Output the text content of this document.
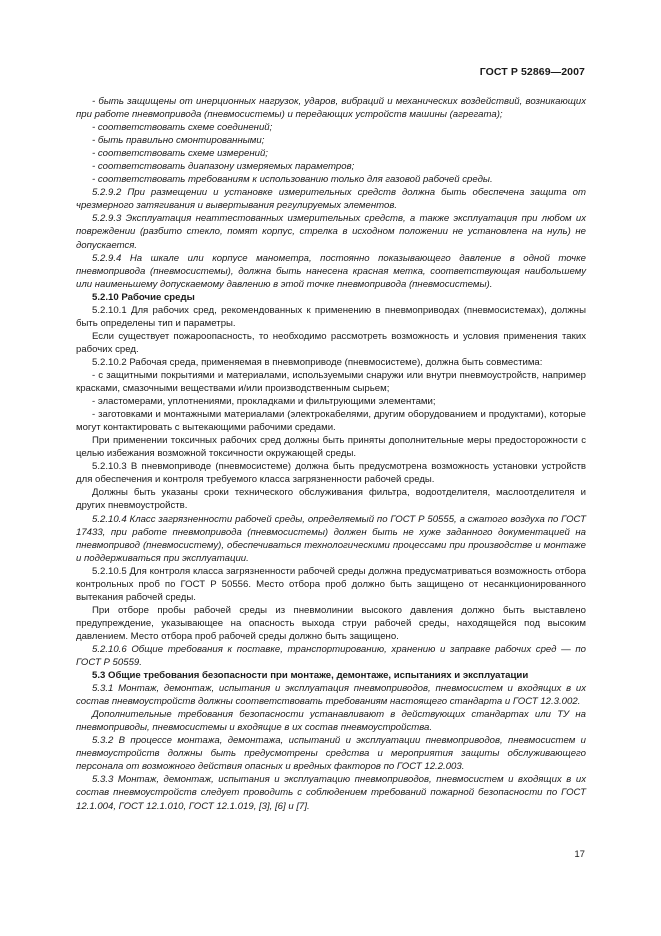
ГОСТ Р 52869—2007

- быть защищены от инерционных нагрузок, ударов, вибраций и механических воздействий, возникающих при работе пневмопривода (пневмосистемы) и передающих устройств машины (агрегата);

- соответствовать схеме соединений;

- быть правильно смонтированными;

- соответствовать схеме измерений;

- соответствовать диапазону измеряемых параметров;

- соответствовать требованиям к использованию только для газовой рабочей среды.

5.2.9.2 При размещении и установке измерительных средств должна быть обеспечена защита от чрезмерного затягивания и вывертывания регулируемых элементов.

5.2.9.3 Эксплуатация неаттестованных измерительных средств, а также эксплуатация при любом их повреждении (разбито стекло, помят корпус, стрелка в исходном положении не установлена на нуль) не допускается.

5.2.9.4 На шкале или корпусе манометра, постоянно показывающего давление в одной точке пневмопривода (пневмосистемы), должна быть нанесена красная метка, соответствующая наибольшему или наименьшему допускаемому давлению в этой точке пневмопривода (пневмосистемы).

5.2.10 Рабочие среды

5.2.10.1 Для рабочих сред, рекомендованных к применению в пневмоприводах (пневмосистемах), должны быть определены тип и параметры.

Если существует пожароопасность, то необходимо рассмотреть возможность и условия применения таких рабочих сред.

5.2.10.2 Рабочая среда, применяемая в пневмоприводе (пневмосистеме), должна быть совместима:

- с защитными покрытиями и материалами, используемыми снаружи или внутри пневмоустройств, например красками, смазочными веществами и/или производственным сырьем;

- эластомерами, уплотнениями, прокладками и фильтрующими элементами;

- заготовками и монтажными материалами (электрокабелями, другим оборудованием и продуктами), которые могут контактировать с вытекающими рабочими средами.

При применении токсичных рабочих сред должны быть приняты дополнительные меры предосторожности с целью избежания возможной токсичности окружающей среды.

5.2.10.3 В пневмоприводе (пневмосистеме) должна быть предусмотрена возможность установки устройств для обеспечения и контроля требуемого класса загрязненности рабочей среды.

Должны быть указаны сроки технического обслуживания фильтра, водоотделителя, маслоотделителя и других пневмоустройств.

5.2.10.4 Класс загрязненности рабочей среды, определяемый по ГОСТ Р 50555, а сжатого воздуха по ГОСТ 17433, при работе пневмопривода (пневмосистемы) должен быть не хуже заданного документацией на пневмопривод (пневмосистему), обеспечиваться технологическими процессами при производстве и монтаже и поддерживаться при эксплуатации.

5.2.10.5 Для контроля класса загрязненности рабочей среды должна предусматриваться возможность отбора контрольных проб по ГОСТ Р 50556. Место отбора проб должно быть защищено от несанкционированного вытекания рабочей среды.

При отборе пробы рабочей среды из пневмолинии высокого давления должно быть выставлено предупреждение, указывающее на опасность выхода струи рабочей среды, находящейся под высоким давлением. Место отбора проб рабочей среды должно быть защищено.

5.2.10.6 Общие требования к поставке, транспортированию, хранению и заправке рабочих сред — по ГОСТ Р 50559.

5.3 Общие требования безопасности при монтаже, демонтаже, испытаниях и эксплуатации

5.3.1 Монтаж, демонтаж, испытания и эксплуатация пневмоприводов, пневмосистем и входящих в их состав пневмоустройств должны соответствовать требованиям настоящего стандарта и ГОСТ 12.3.002.

Дополнительные требования безопасности устанавливают в действующих стандартах или ТУ на пневмоприводы, пневмосистемы и входящие в их состав пневмоустройства.

5.3.2 В процессе монтажа, демонтажа, испытаний и эксплуатации пневмоприводов, пневмосистем и пневмоустройств должны быть предусмотрены средства и мероприятия защиты обслуживающего персонала от возможного действия опасных и вредных факторов по ГОСТ 12.2.003.

5.3.3 Монтаж, демонтаж, испытания и эксплуатацию пневмоприводов, пневмосистем и входящих в их состав пневмоустройств следует проводить с соблюдением требований пожарной безопасности по ГОСТ 12.1.004, ГОСТ 12.1.010, ГОСТ 12.1.019, [3], [6] и [7].

17
